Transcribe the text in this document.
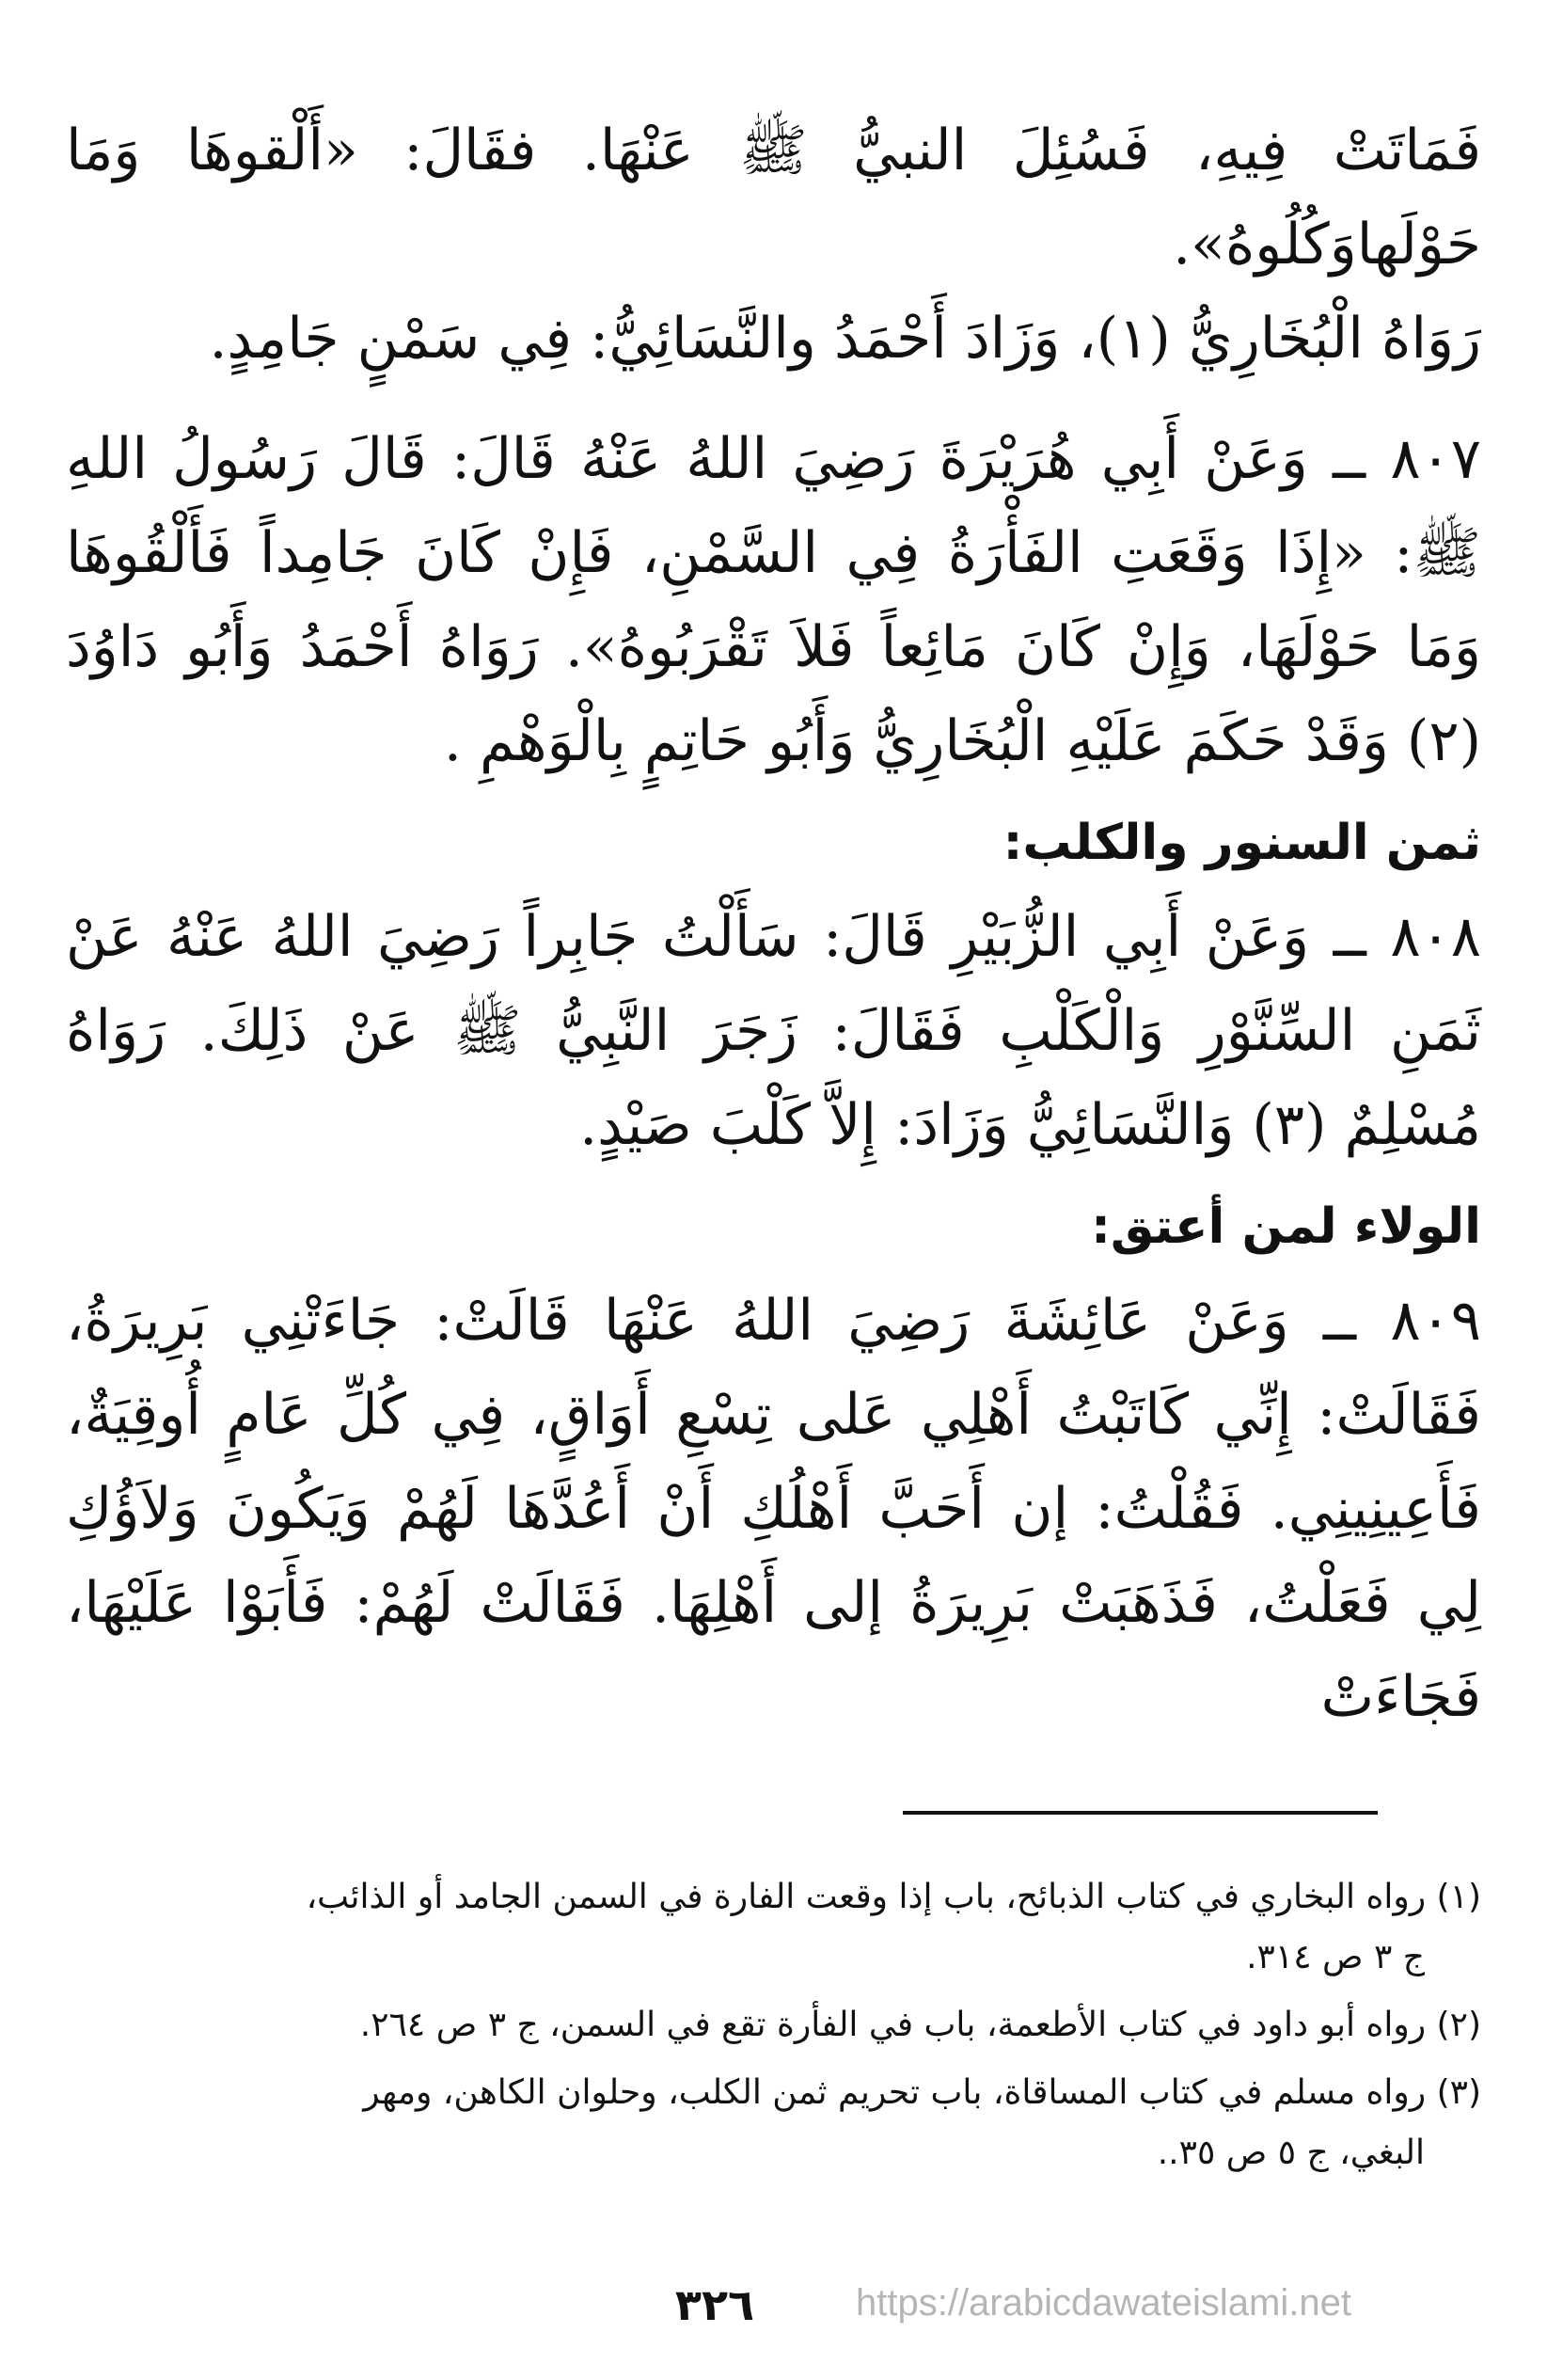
فَمَاتَتْ فِيهِ، فَسُئِلَ النبيُّ ﷺ عَنْهَا. فقَالَ: «أَلْقوهَا وَمَا حَوْلَهاوَكُلُوهُ».

رَوَاهُ الْبُخَارِيُّ (١)، وَزَادَ أَحْمَدُ والنَّسَائِيُّ: فِي سَمْنٍ جَامِدٍ.

٨٠٧ ــ وَعَنْ أَبِي هُرَيْرَةَ رَضِيَ اللهُ عَنْهُ قَالَ: قَالَ رَسُولُ اللهِ ﷺ: «إِذَا وَقَعَتِ الفَأْرَةُ فِي السَّمْنِ، فَإِنْ كَانَ جَامِداً فَأَلْقُوهَا وَمَا حَوْلَهَا، وَإِنْ كَانَ مَائِعاً فَلاَ تَقْرَبُوهُ». رَوَاهُ أَحْمَدُ وَأَبُو دَاوُدَ (٢) وَقَدْ حَكَمَ عَلَيْهِ الْبُخَارِيُّ وَأَبُو حَاتِمٍ بِالْوَهْمِ .

ثمن السنور والكلب:

٨٠٨ ــ وَعَنْ أَبِي الزُّبَيْرِ قَالَ: سَأَلْتُ جَابِراً رَضِيَ اللهُ عَنْهُ عَنْ ثَمَنِ السِّنَّوْرِ وَالْكَلْبِ فَقَالَ: زَجَرَ النَّبِيُّ ﷺ عَنْ ذَلِكَ. رَوَاهُ مُسْلِمٌ (٣) وَالنَّسَائِيُّ وَزَادَ: إِلاَّ كَلْبَ صَيْدٍ.

الولاء لمن أعتق:

٨٠٩ ــ وَعَنْ عَائِشَةَ رَضِيَ اللهُ عَنْهَا قَالَتْ: جَاءَتْنِي بَرِيرَةُ، فَقَالَتْ: إِنِّي كَاتَبْتُ أَهْلِي عَلى تِسْعِ أَوَاقٍ، فِي كُلِّ عَامٍ أُوقِيَةٌ، فَأَعِينِينِي. فَقُلْتُ: إن أَحَبَّ أَهْلُكِ أَنْ أَعُدَّهَا لَهُمْ وَيَكُونَ وَلاَؤُكِ لِي فَعَلْتُ، فَذَهَبَتْ بَرِيرَةُ إلى أَهْلِهَا. فَقَالَتْ لَهُمْ: فَأَبَوْا عَلَيْهَا، فَجَاءَتْ

(١) رواه البخاري في كتاب الذبائح، باب إذا وقعت الفارة في السمن الجامد أو الذائب،
ج ٣ ص ٣١٤.

(٢) رواه أبو داود في كتاب الأطعمة، باب في الفأرة تقع في السمن، ج ٣ ص ٢٦٤.

(٣) رواه مسلم في كتاب المساقاة، باب تحريم ثمن الكلب، وحلوان الكاهن، ومهر
البغي، ج ٥ ص ٣٥..

٣٢٦	https://arabicdawateislami.net
